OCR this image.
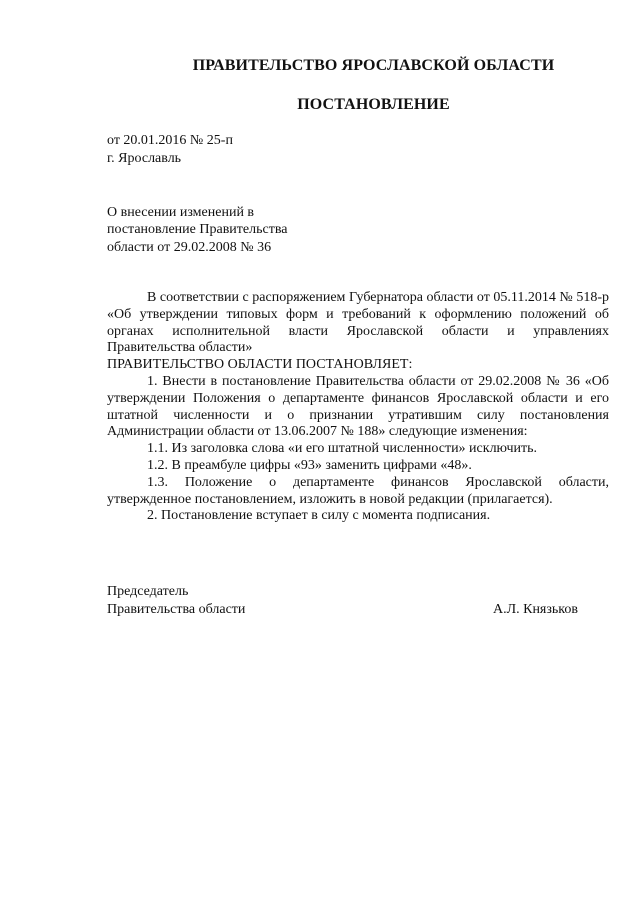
ПРАВИТЕЛЬСТВО ЯРОСЛАВСКОЙ ОБЛАСТИ
ПОСТАНОВЛЕНИЕ
от 20.01.2016 № 25-п
г. Ярославль
О внесении изменений в
постановление Правительства
области от 29.02.2008 № 36

В соответствии с распоряжением Губернатора области от 05.11.2014 № 518-р «Об утверждении типовых форм и требований к оформлению положений об органах исполнительной власти Ярославской области и управлениях Правительства области»

ПРАВИТЕЛЬСТВО ОБЛАСТИ ПОСТАНОВЛЯЕТ:

1. Внести в постановление Правительства области от 29.02.2008 № 36 «Об утверждении Положения о департаменте финансов Ярославской области и его штатной численности и о признании утратившим силу постановления Администрации области от 13.06.2007 № 188» следующие изменения:

1.1. Из заголовка слова «и его штатной численности» исключить.

1.2. В преамбуле цифры «93» заменить цифрами «48».

1.3. Положение о департаменте финансов Ярославской области, утвержденное постановлением, изложить в новой редакции (прилагается).

2. Постановление вступает в силу с момента подписания.

Председатель
Правительства области	А.Л. Князьков
